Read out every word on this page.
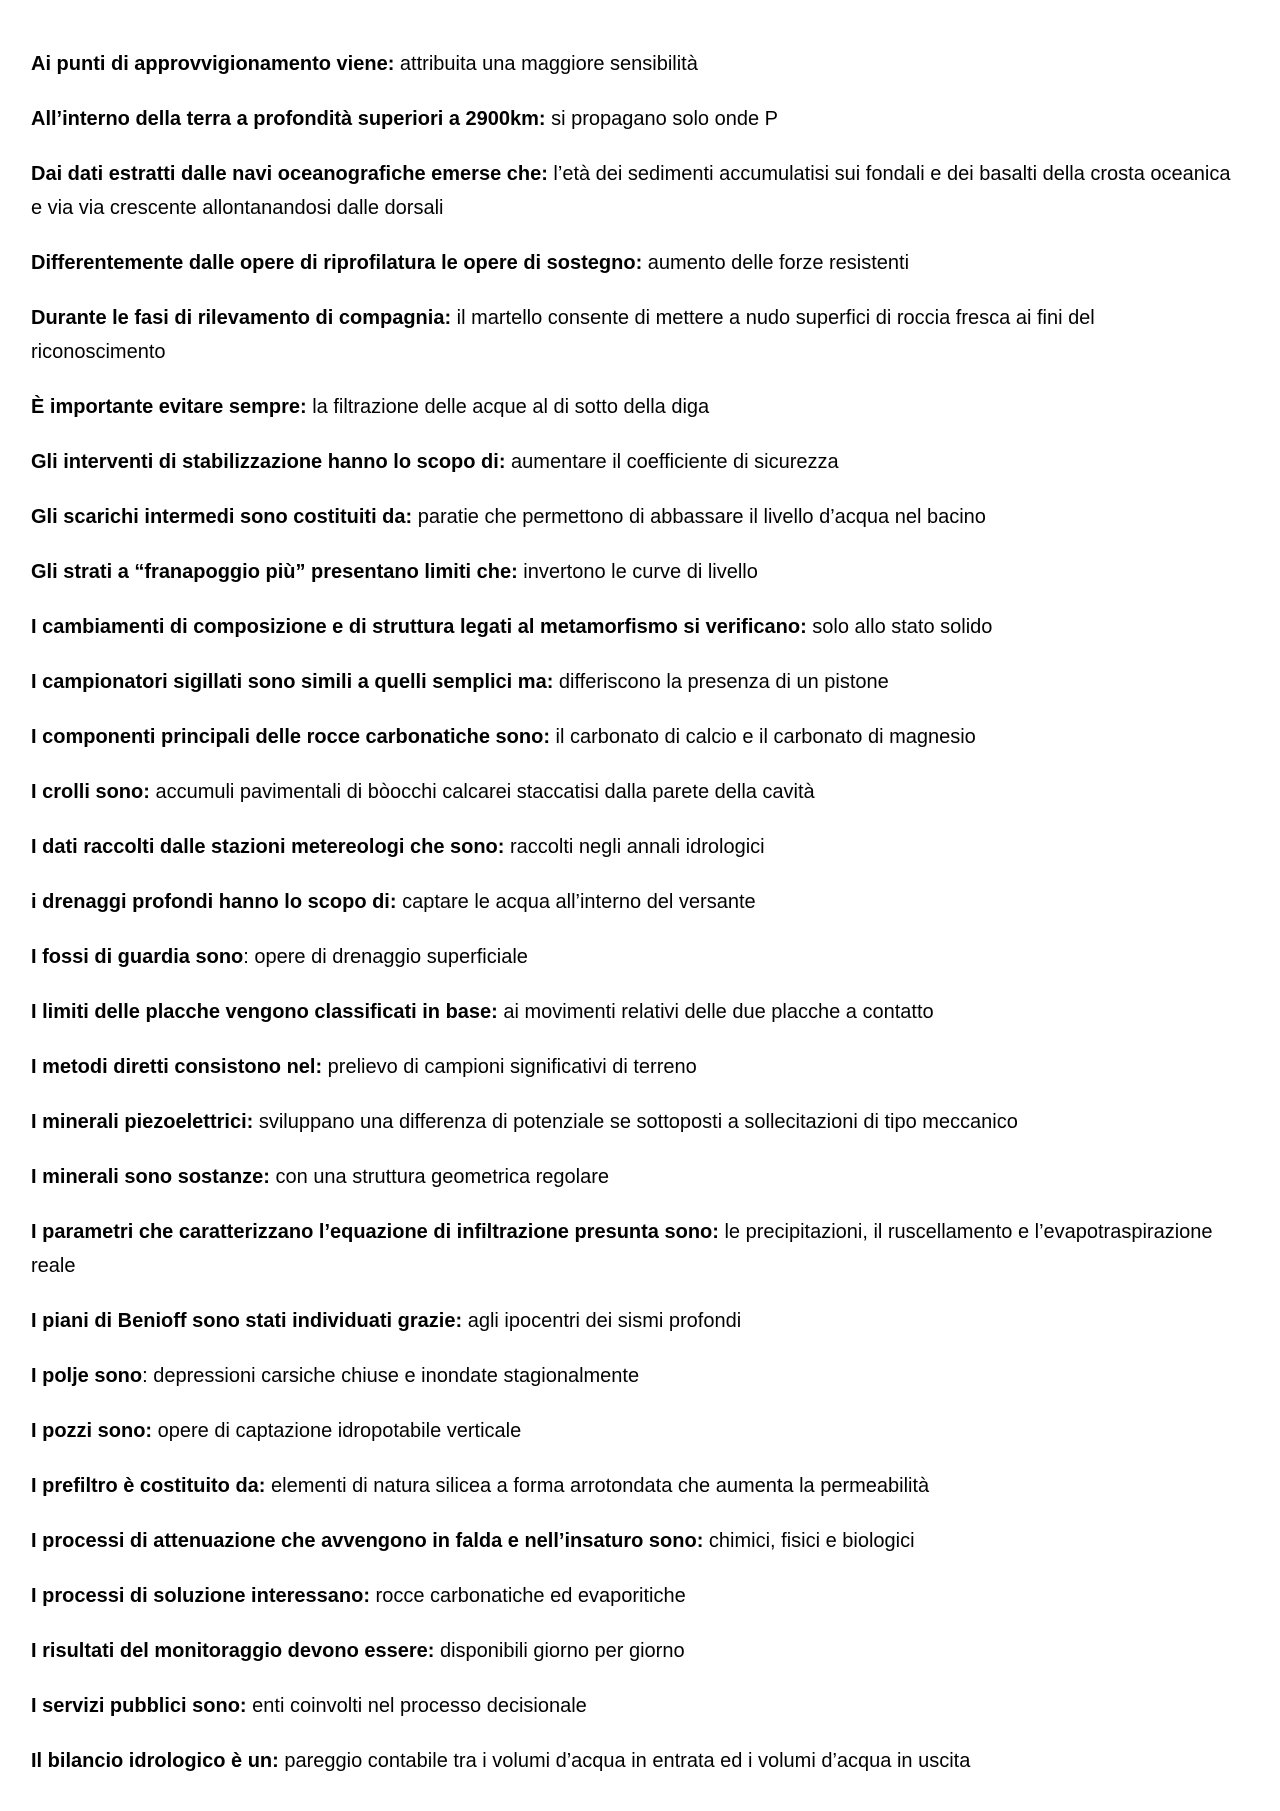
Ai punti di approvvigionamento viene: attribuita una maggiore sensibilità

All’interno della terra a profondità superiori a 2900km: si propagano solo onde P

Dai dati estratti dalle navi oceanografiche emerse che: l’età dei sedimenti accumulatisi sui fondali e dei basalti della crosta oceanica e via via crescente allontanandosi dalle dorsali

Differentemente dalle opere di riprofilatura le opere di sostegno: aumento delle forze resistenti

Durante le fasi di rilevamento di compagnia: il martello consente di mettere a nudo superfici di roccia fresca ai fini del riconoscimento

È importante evitare sempre: la filtrazione delle acque al di sotto della diga

Gli interventi di stabilizzazione hanno lo scopo di: aumentare il coefficiente di sicurezza

Gli scarichi intermedi sono costituiti da: paratie che permettono di abbassare il livello d’acqua nel bacino

Gli strati a “franapoggio più” presentano limiti che: invertono le curve di livello

I cambiamenti di composizione e di struttura legati al metamorfismo si verificano: solo allo stato solido

I campionatori sigillati sono simili a quelli semplici ma: differiscono la presenza di un pistone

I componenti principali delle rocce carbonatiche sono: il carbonato di calcio e il carbonato di magnesio

I crolli sono: accumuli pavimentali di bòocchi calcarei staccatisi dalla parete della cavità

I dati raccolti dalle stazioni metereologi che sono: raccolti negli annali idrologici

i drenaggi profondi hanno lo scopo di: captare le acqua all’interno del versante

I fossi di guardia sono: opere di drenaggio superficiale

I limiti delle placche vengono classificati in base: ai movimenti relativi delle due placche a contatto

I metodi diretti consistono nel: prelievo di campioni significativi di terreno

I minerali piezoelettrici: sviluppano una differenza di potenziale se sottoposti a sollecitazioni di tipo meccanico

I minerali sono sostanze: con una struttura geometrica regolare

I parametri che caratterizzano l’equazione di infiltrazione presunta sono: le precipitazioni, il ruscellamento e l’evapotraspirazione reale

I piani di Benioff sono stati individuati grazie: agli ipocentri dei sismi profondi

I polje sono: depressioni carsiche chiuse e inondate stagionalmente

I pozzi sono: opere di captazione idropotabile verticale

I prefiltro è costituito da: elementi di natura silicea a forma arrotondata che aumenta la permeabilità

I processi di attenuazione che avvengono in falda e nell’insaturo sono: chimici, fisici e biologici

I processi di soluzione interessano: rocce carbonatiche ed evaporitiche

I risultati del monitoraggio devono essere: disponibili giorno per giorno

I servizi pubblici sono: enti coinvolti nel processo decisionale

Il bilancio idrologico è un: pareggio contabile tra i volumi d’acqua in entrata ed i volumi d’acqua in uscita
